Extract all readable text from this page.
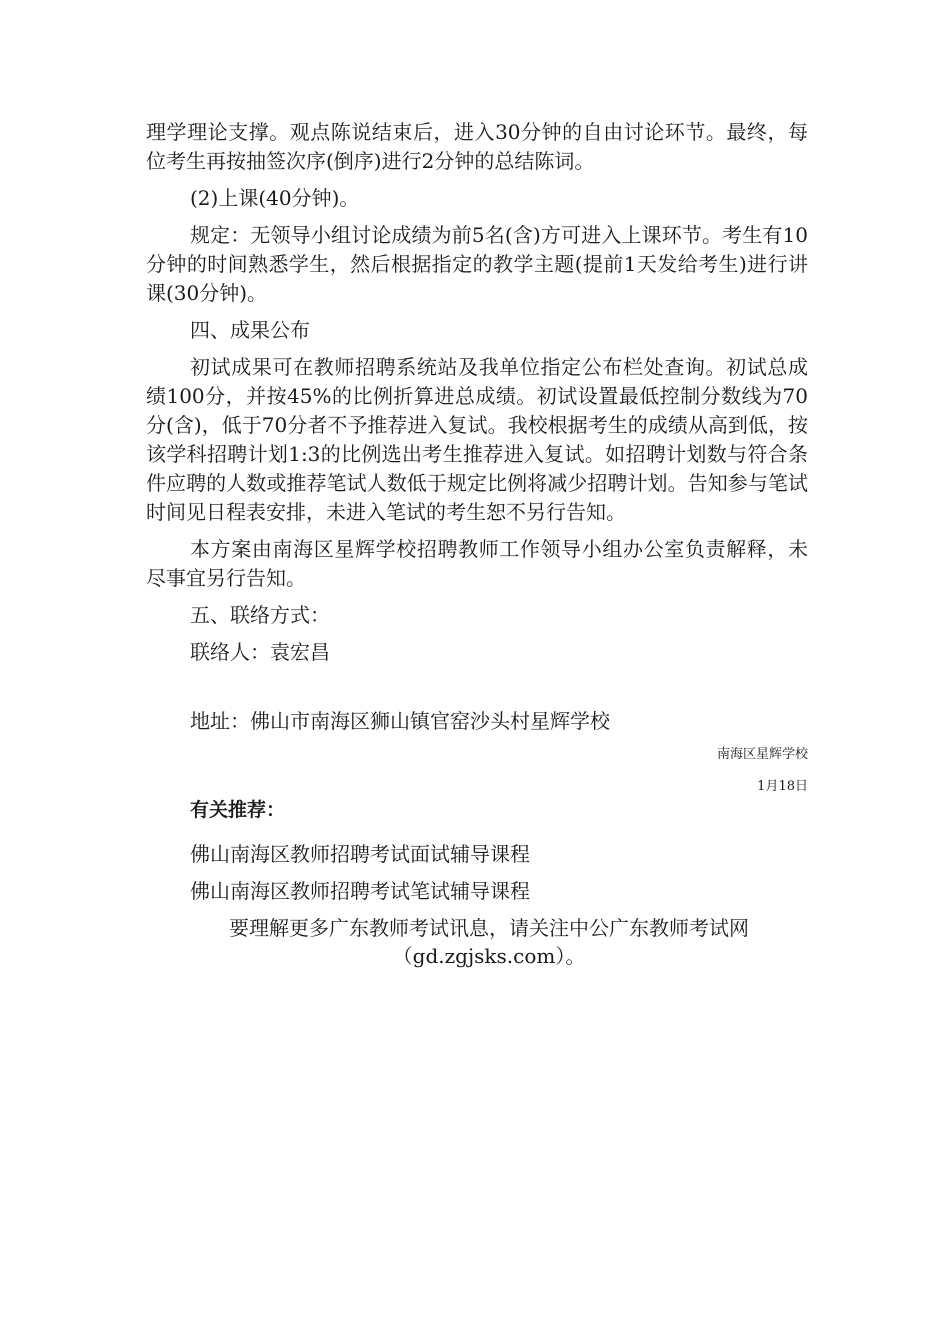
理学理论支撑。观点陈说结束后，进入30分钟的自由讨论环节。最终，每位考生再按抽签次序(倒序)进行2分钟的总结陈词。

(2)上课(40分钟)。

规定：无领导小组讨论成绩为前5名(含)方可进入上课环节。考生有10分钟的时间熟悉学生，然后根据指定的教学主题(提前1天发给考生)进行讲课(30分钟)。

四、成果公布

初试成果可在教师招聘系统站及我单位指定公布栏处查询。初试总成绩100分，并按45%的比例折算进总成绩。初试设置最低控制分数线为70分(含)，低于70分者不予推荐进入复试。我校根据考生的成绩从高到低，按该学科招聘计划1:3的比例选出考生推荐进入复试。如招聘计划数与符合条件应聘的人数或推荐笔试人数低于规定比例将减少招聘计划。告知参与笔试时间见日程表安排，未进入笔试的考生恕不另行告知。

本方案由南海区星辉学校招聘教师工作领导小组办公室负责解释，未尽事宜另行告知。

五、联络方式：

联络人：袁宏昌

地址：佛山市南海区狮山镇官窑沙头村星辉学校

南海区星辉学校

1月18日

有关推荐：

佛山南海区教师招聘考试面试辅导课程

佛山南海区教师招聘考试笔试辅导课程

要理解更多广东教师考试讯息，请关注中公广东教师考试网

（gd.zgjsks.com）。
